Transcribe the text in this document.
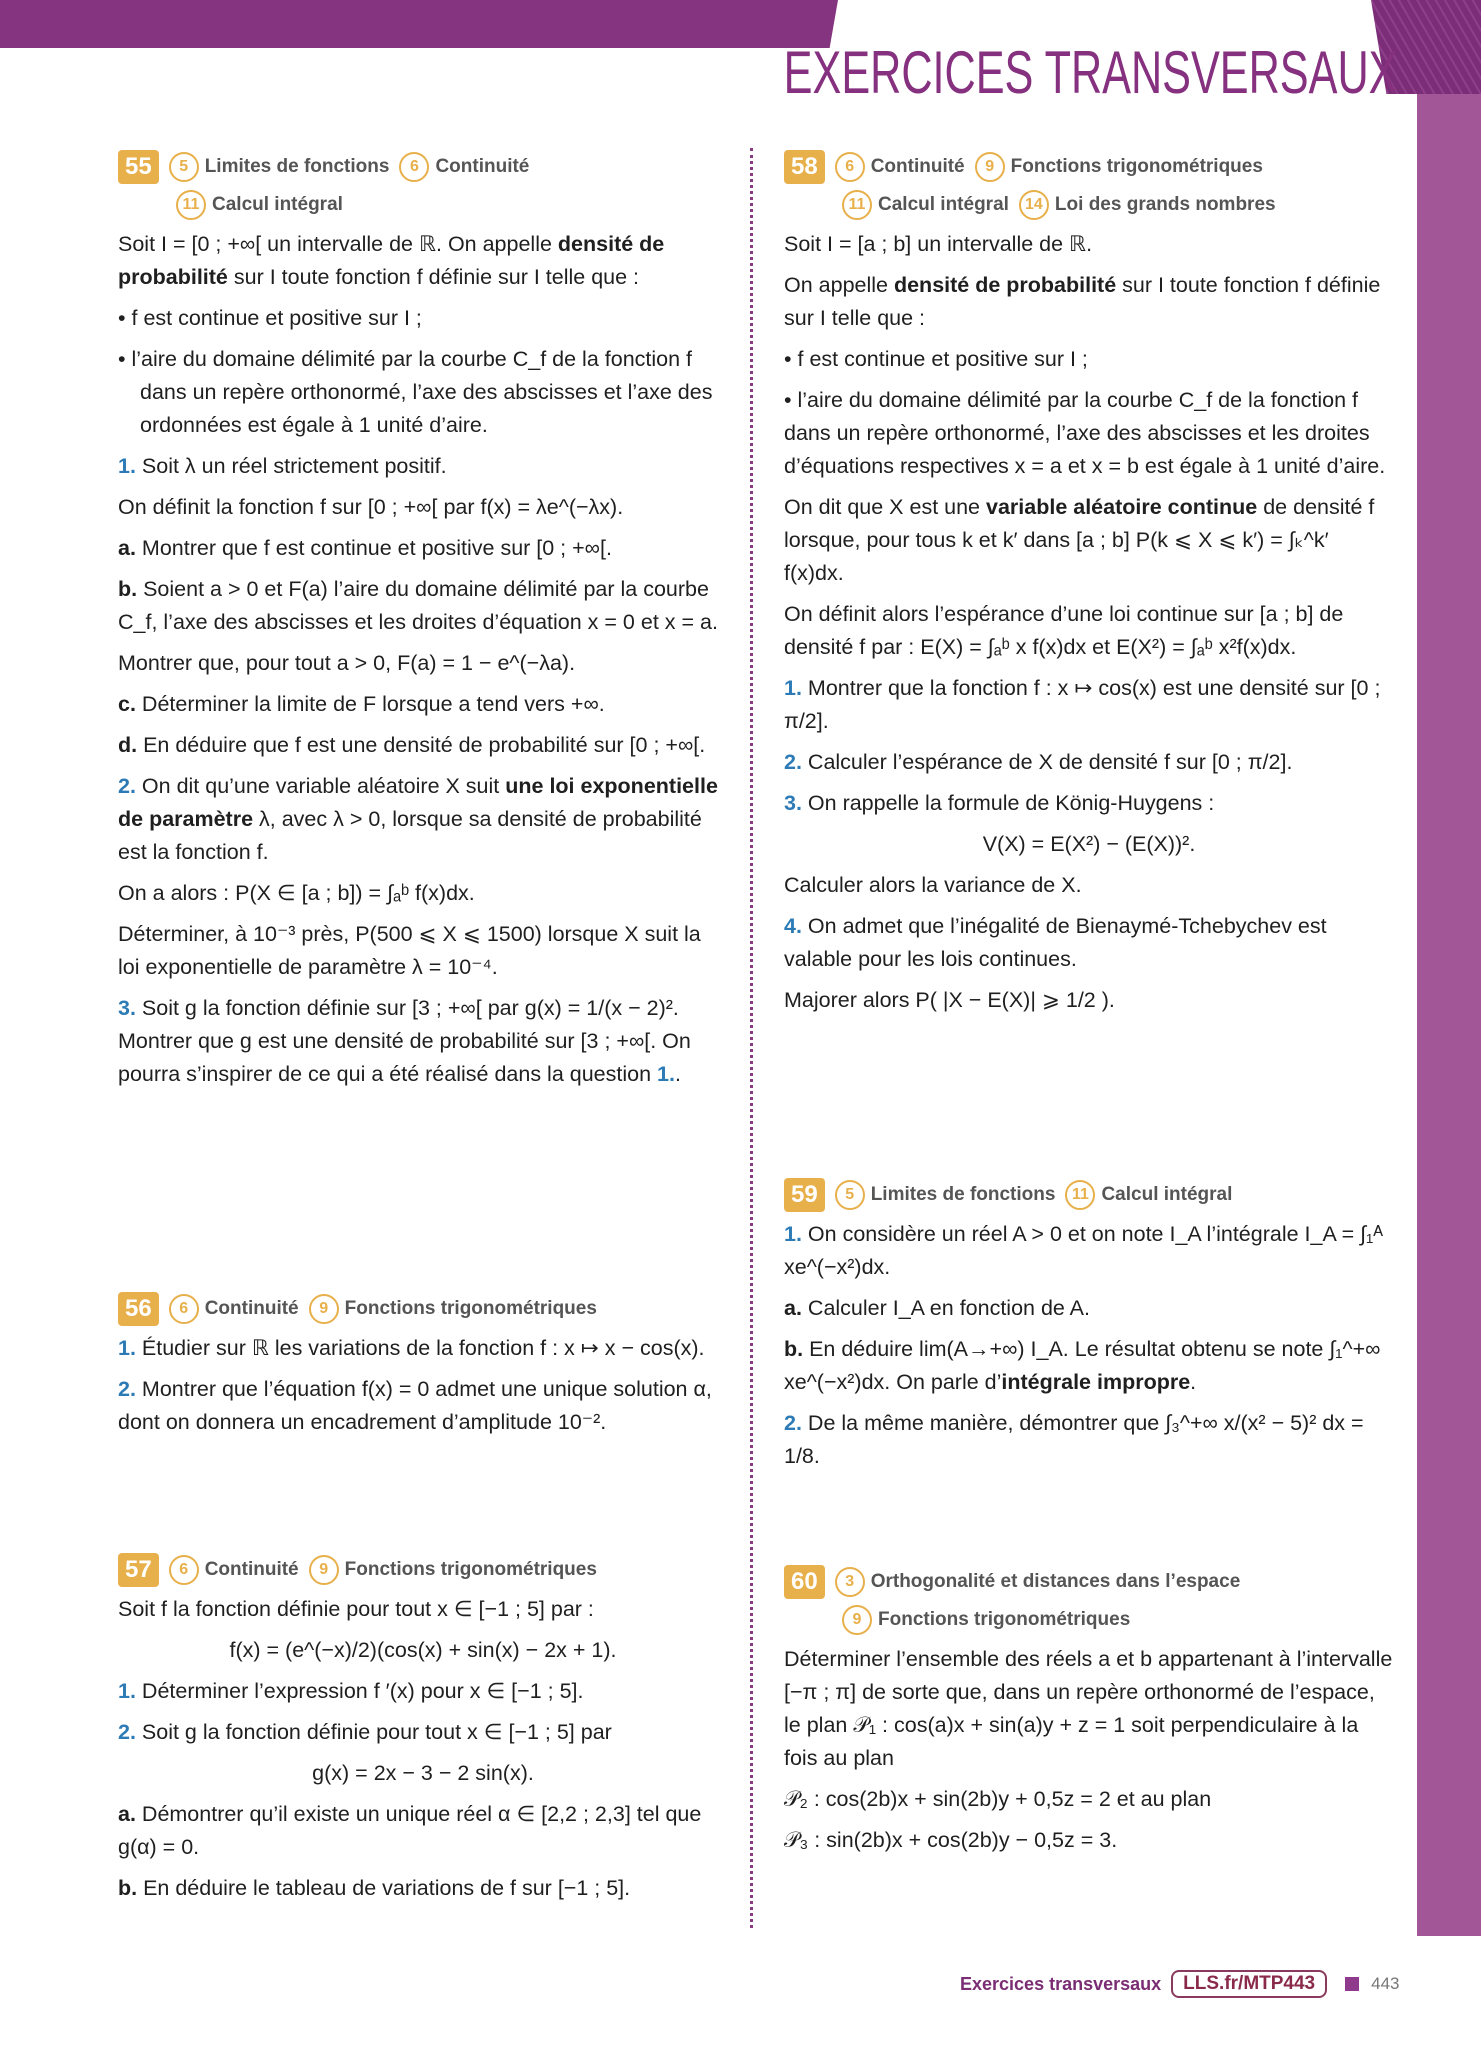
EXERCICES TRANSVERSAUX
55	5 Limites de fonctions	6 Continuité
11 Calcul intégral

Soit I = [0 ; +∞[ un intervalle de ℝ. On appelle densité de probabilité sur I toute fonction f définie sur I telle que :

• f est continue et positive sur I ;

• l’aire du domaine délimité par la courbe C_f de la fonction f dans un repère orthonormé, l’axe des abscisses et l’axe des ordonnées est égale à 1 unité d’aire.

1. Soit λ un réel strictement positif.

On définit la fonction f sur [0 ; +∞[ par f(x) = λe^(−λx).

a. Montrer que f est continue et positive sur [0 ; +∞[.

b. Soient a > 0 et F(a) l’aire du domaine délimité par la courbe C_f, l’axe des abscisses et les droites d’équation x = 0 et x = a.

Montrer que, pour tout a > 0, F(a) = 1 − e^(−λa).

c. Déterminer la limite de F lorsque a tend vers +∞.

d. En déduire que f est une densité de probabilité sur [0 ; +∞[.

2. On dit qu’une variable aléatoire X suit une loi exponentielle de paramètre λ, avec λ > 0, lorsque sa densité de probabilité est la fonction f.

On a alors : P(X ∈ [a ; b]) = ∫ₐᵇ f(x)dx.

Déterminer, à 10⁻³ près, P(500 ⩽ X ⩽ 1500) lorsque X suit la loi exponentielle de paramètre λ = 10⁻⁴.

3. Soit g la fonction définie sur [3 ; +∞[ par g(x) = 1/(x − 2)². Montrer que g est une densité de probabilité sur [3 ; +∞[. On pourra s’inspirer de ce qui a été réalisé dans la question 1..

56	6 Continuité	9 Fonctions trigonométriques

1. Étudier sur ℝ les variations de la fonction f : x ↦ x − cos(x).

2. Montrer que l’équation f(x) = 0 admet une unique solution α, dont on donnera un encadrement d’amplitude 10⁻².

57	6 Continuité	9 Fonctions trigonométriques

Soit f la fonction définie pour tout x ∈ [−1 ; 5] par :

f(x) = (e^(−x)/2)(cos(x) + sin(x) − 2x + 1).

1. Déterminer l’expression f ′(x) pour x ∈ [−1 ; 5].

2. Soit g la fonction définie pour tout x ∈ [−1 ; 5] par

g(x) = 2x − 3 − 2 sin(x).

a. Démontrer qu’il existe un unique réel α ∈ [2,2 ; 2,3] tel que g(α) = 0.

b. En déduire le tableau de variations de f sur [−1 ; 5].

58	6 Continuité	9 Fonctions trigonométriques
11 Calcul intégral	14 Loi des grands nombres

Soit I = [a ; b] un intervalle de ℝ.

On appelle densité de probabilité sur I toute fonction f définie sur I telle que :

• f est continue et positive sur I ;

• l’aire du domaine délimité par la courbe C_f de la fonction f dans un repère orthonormé, l’axe des abscisses et les droites d’équations respectives x = a et x = b est égale à 1 unité d’aire.

On dit que X est une variable aléatoire continue de densité f lorsque, pour tous k et k′ dans [a ; b] P(k ⩽ X ⩽ k′) = ∫ₖ^k′ f(x)dx.

On définit alors l’espérance d’une loi continue sur [a ; b] de densité f par : E(X) = ∫ₐᵇ x f(x)dx et E(X²) = ∫ₐᵇ x²f(x)dx.

1. Montrer que la fonction f : x ↦ cos(x) est une densité sur [0 ; π/2].

2. Calculer l’espérance de X de densité f sur [0 ; π/2].

3. On rappelle la formule de König-Huygens :

V(X) = E(X²) − (E(X))².

Calculer alors la variance de X.

4. On admet que l’inégalité de Bienaymé-Tchebychev est valable pour les lois continues.

Majorer alors P( |X − E(X)| ⩾ 1/2 ).

59	5 Limites de fonctions	11 Calcul intégral

1. On considère un réel A > 0 et on note I_A l’intégrale I_A = ∫₁ᴬ xe^(−x²)dx.

a. Calculer I_A en fonction de A.

b. En déduire lim(A→+∞) I_A. Le résultat obtenu se note ∫₁^+∞ xe^(−x²)dx. On parle d’intégrale impropre.

2. De la même manière, démontrer que ∫₃^+∞ x/(x² − 5)² dx = 1/8.

60	3 Orthogonalité et distances dans l’espace
9 Fonctions trigonométriques

Déterminer l’ensemble des réels a et b appartenant à l’intervalle [−π ; π] de sorte que, dans un repère orthonormé de l’espace, le plan 𝒫₁ : cos(a)x + sin(a)y + z = 1 soit perpendiculaire à la fois au plan

𝒫₂ : cos(2b)x + sin(2b)y + 0,5z = 2 et au plan

𝒫₃ : sin(2b)x + cos(2b)y − 0,5z = 3.

Exercices transversaux	LLS.fr/MTP443	443
